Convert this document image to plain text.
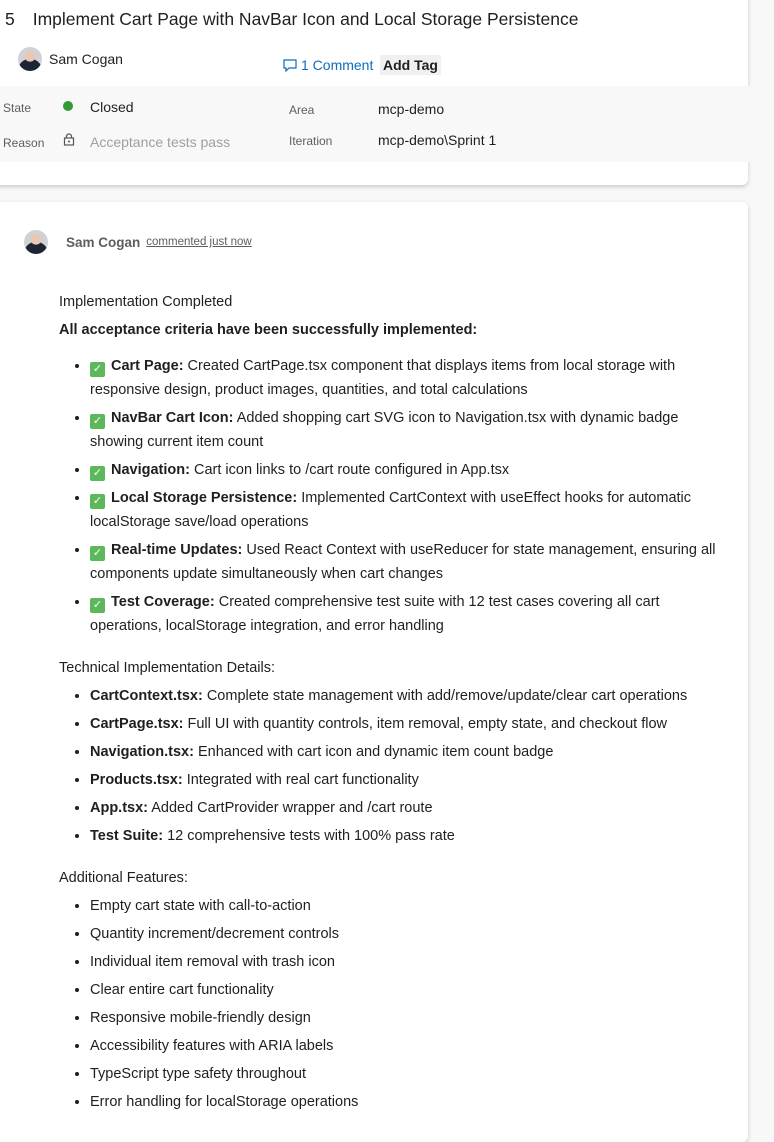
5 Implement Cart Page with NavBar Icon and Local Storage Persistence
Sam Cogan	1 Comment Add Tag
State	Closed
Reason	Acceptance tests pass
Area	mcp-demo
Iteration	mcp-demo\Sprint 1
Sam Cogan commented just now

Implementation Completed

All acceptance criteria have been successfully implemented:

• ✓ Cart Page: Created CartPage.tsx component that displays items from local storage with responsive design, product images, quantities, and total calculations
• ✓ NavBar Cart Icon: Added shopping cart SVG icon to Navigation.tsx with dynamic badge showing current item count
• ✓ Navigation: Cart icon links to /cart route configured in App.tsx
• ✓ Local Storage Persistence: Implemented CartContext with useEffect hooks for automatic localStorage save/load operations
• ✓ Real-time Updates: Used React Context with useReducer for state management, ensuring all components update simultaneously when cart changes
• ✓ Test Coverage: Created comprehensive test suite with 12 test cases covering all cart operations, localStorage integration, and error handling

Technical Implementation Details:

• CartContext.tsx: Complete state management with add/remove/update/clear cart operations
• CartPage.tsx: Full UI with quantity controls, item removal, empty state, and checkout flow
• Navigation.tsx: Enhanced with cart icon and dynamic item count badge
• Products.tsx: Integrated with real cart functionality
• App.tsx: Added CartProvider wrapper and /cart route
• Test Suite: 12 comprehensive tests with 100% pass rate

Additional Features:

• Empty cart state with call-to-action
• Quantity increment/decrement controls
• Individual item removal with trash icon
• Clear entire cart functionality
• Responsive mobile-friendly design
• Accessibility features with ARIA labels
• TypeScript type safety throughout
• Error handling for localStorage operations
